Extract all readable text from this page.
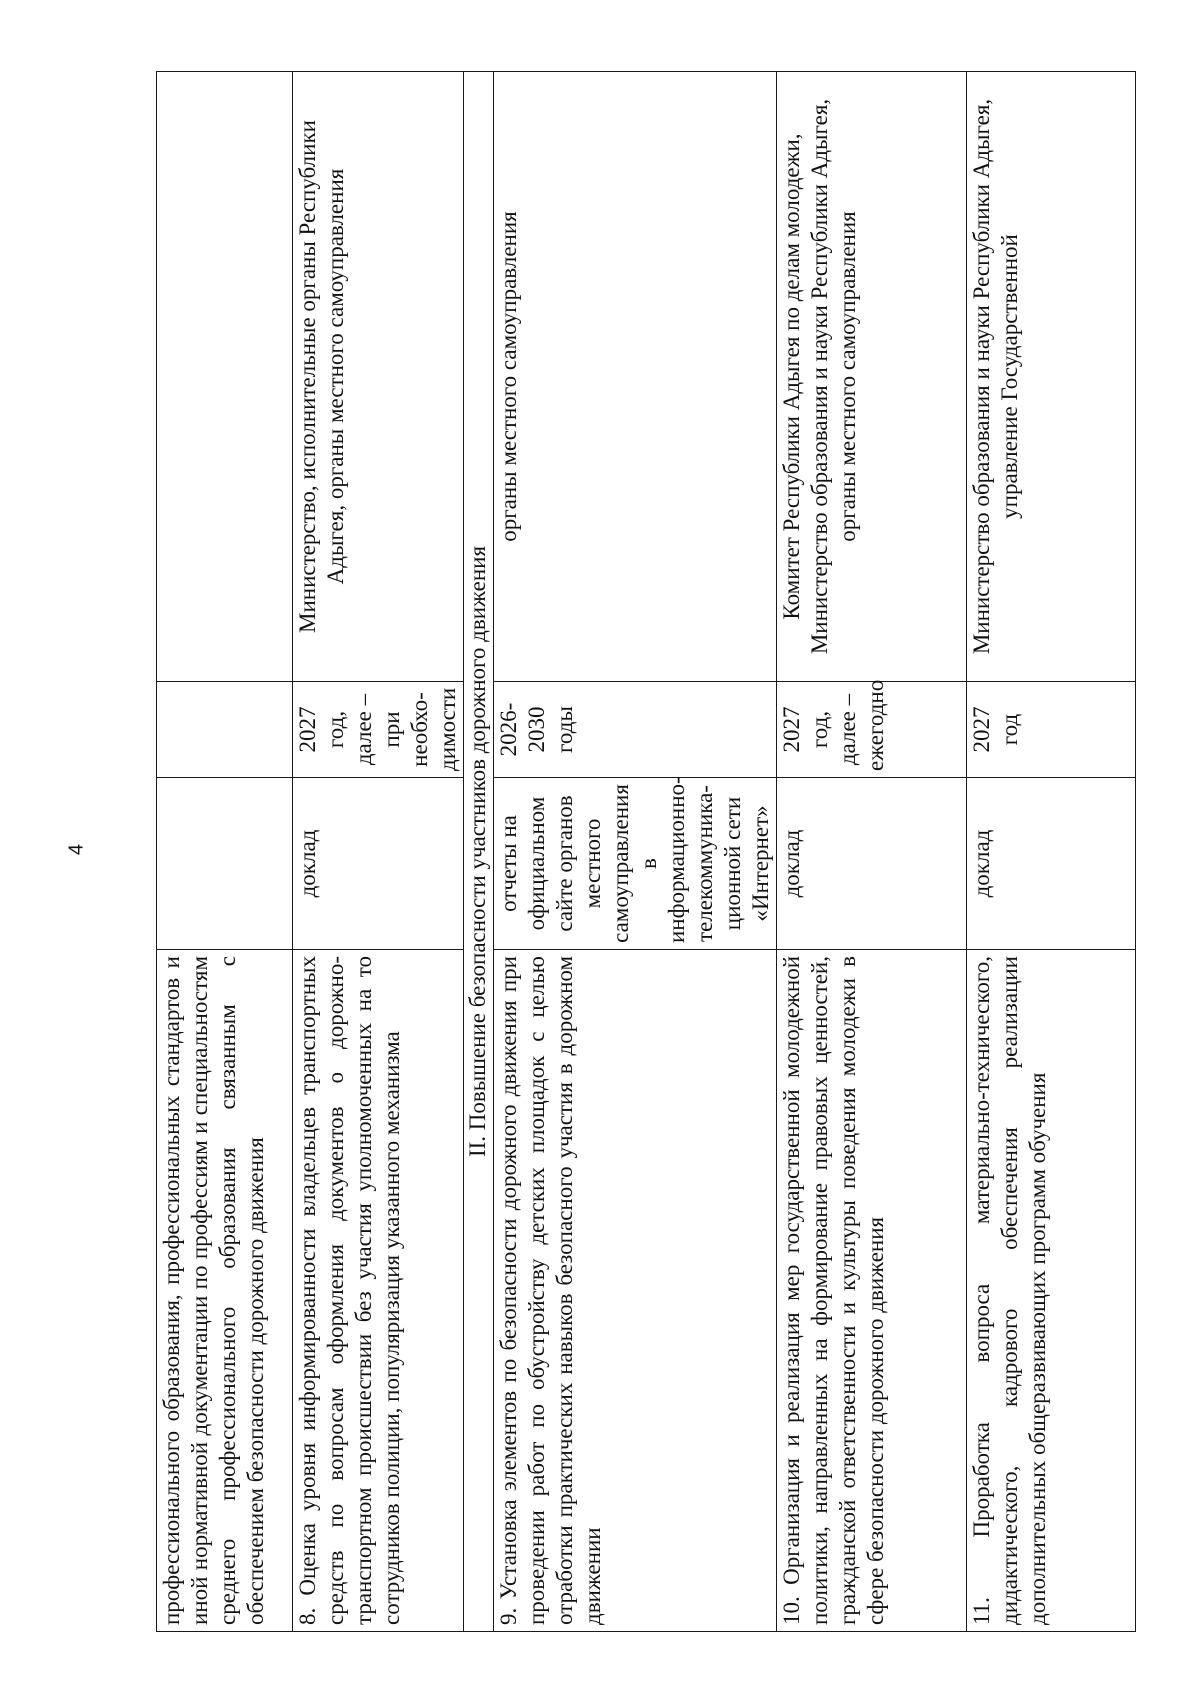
4
профессионального образования, профессиональных стандартов и иной нормативной документации по профессиям и специальностям среднего профессионального образования связанным с обеспечением безопасности дорожного движения			
8. Оценка уровня информированности владельцев транспортных средств по вопросам оформления документов о дорожно-транспортном происшествии без участия уполномоченных на то сотрудников полиции, популяризация указанного механизма	доклад	2027 год, далее – при необхо-димости	Министерство, исполнительные органы Республики Адыгея, органы местного самоуправления
II. Повышение безопасности участников дорожного движения			
9. Установка элементов по безопасности дорожного движения при проведении работ по обустройству детских площадок с целью отработки практических навыков безопасного участия в дорожном движении	отчеты на официальном сайте органов местного самоуправления в информационно-телекоммуника-ционной сети «Интернет»	2026-2030 годы	органы местного самоуправления
10. Организация и реализация мер государственной молодежной политики, направленных на формирование правовых ценностей, гражданской ответственности и культуры поведения молодежи в сфере безопасности дорожного движения	доклад	2027 год, далее – ежегодно	Комитет Республики Адыгея по делам молодежи, Министерство образования и науки Республики Адыгея, органы местного самоуправления
11. Проработка вопроса материально-технического, дидактического, кадрового обеспечения реализации дополнительных общеразвивающих программ обучения	доклад	2027 год	Министерство образования и науки Республики Адыгея, управление Государственной
